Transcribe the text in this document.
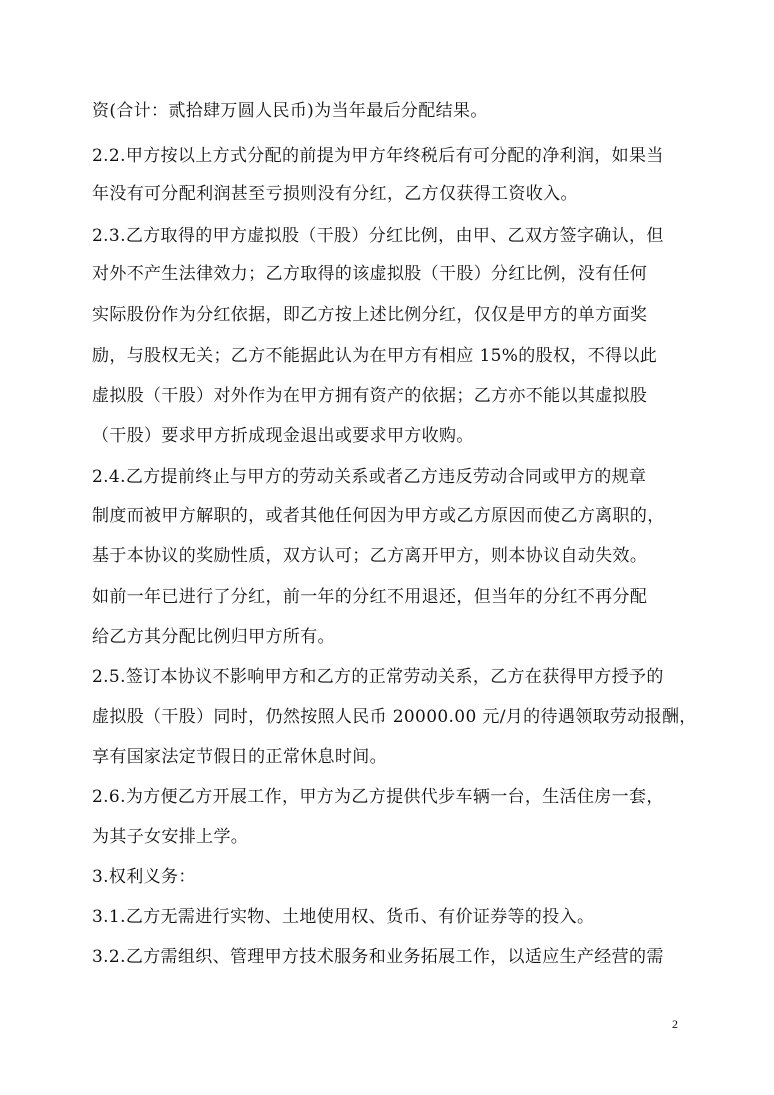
资(合计：贰拾肆万圆人民币)为当年最后分配结果。
2.2.甲方按以上方式分配的前提为甲方年终税后有可分配的净利润，如果当
年没有可分配利润甚至亏损则没有分红，乙方仅获得工资收入。
2.3.乙方取得的甲方虚拟股（干股）分红比例，由甲、乙双方签字确认，但
对外不产生法律效力；乙方取得的该虚拟股（干股）分红比例，没有任何
实际股份作为分红依据，即乙方按上述比例分红，仅仅是甲方的单方面奖
励，与股权无关；乙方不能据此认为在甲方有相应 15%的股权，不得以此
虚拟股（干股）对外作为在甲方拥有资产的依据；乙方亦不能以其虚拟股
（干股）要求甲方折成现金退出或要求甲方收购。
2.4.乙方提前终止与甲方的劳动关系或者乙方违反劳动合同或甲方的规章
制度而被甲方解职的，或者其他任何因为甲方或乙方原因而使乙方离职的，
基于本协议的奖励性质，双方认可；乙方离开甲方，则本协议自动失效。
如前一年已进行了分红，前一年的分红不用退还，但当年的分红不再分配
给乙方其分配比例归甲方所有。
2.5.签订本协议不影响甲方和乙方的正常劳动关系，乙方在获得甲方授予的
虚拟股（干股）同时，仍然按照人民币 20000.00 元/月的待遇领取劳动报酬，
享有国家法定节假日的正常休息时间。
2.6.为方便乙方开展工作，甲方为乙方提供代步车辆一台，生活住房一套，
为其子女安排上学。
3.权利义务：
3.1.乙方无需进行实物、土地使用权、货币、有价证券等的投入。
3.2.乙方需组织、管理甲方技术服务和业务拓展工作，以适应生产经营的需
2
